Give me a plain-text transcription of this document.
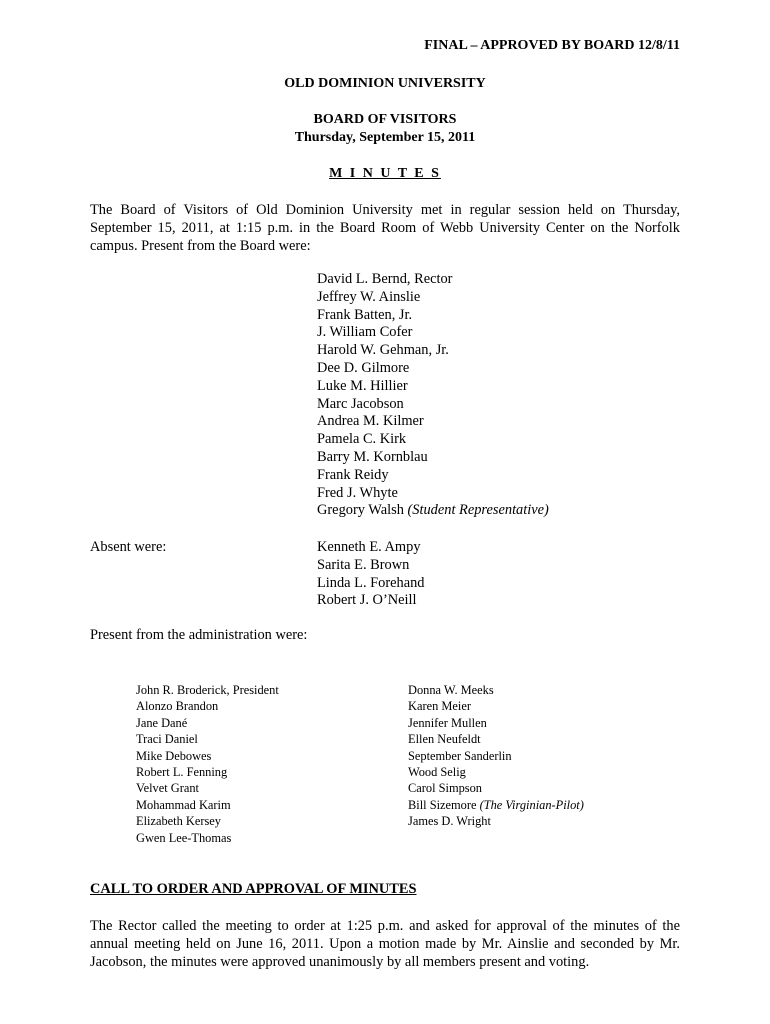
FINAL – APPROVED BY BOARD 12/8/11
OLD DOMINION UNIVERSITY
BOARD OF VISITORS
Thursday, September 15, 2011
M I N U T E S
The Board of Visitors of Old Dominion University met in regular session held on Thursday, September 15, 2011, at 1:15 p.m. in the Board Room of Webb University Center on the Norfolk campus. Present from the Board were:
David L. Bernd, Rector
Jeffrey W. Ainslie
Frank Batten, Jr.
J. William Cofer
Harold W. Gehman, Jr.
Dee D. Gilmore
Luke M. Hillier
Marc Jacobson
Andrea M. Kilmer
Pamela C. Kirk
Barry M. Kornblau
Frank Reidy
Fred J. Whyte
Gregory Walsh (Student Representative)
Absent were:	Kenneth E. Ampy
Sarita E. Brown
Linda L. Forehand
Robert J. O’Neill
Present from the administration were:
John R. Broderick, President
Alonzo Brandon
Jane Dané
Traci Daniel
Mike Debowes
Robert L. Fenning
Velvet Grant
Mohammad Karim
Elizabeth Kersey
Gwen Lee-Thomas
Donna W. Meeks
Karen Meier
Jennifer Mullen
Ellen Neufeldt
September Sanderlin
Wood Selig
Carol Simpson
Bill Sizemore (The Virginian-Pilot)
James D. Wright
CALL TO ORDER AND APPROVAL OF MINUTES
The Rector called the meeting to order at 1:25 p.m. and asked for approval of the minutes of the annual meeting held on June 16, 2011. Upon a motion made by Mr. Ainslie and seconded by Mr. Jacobson, the minutes were approved unanimously by all members present and voting.
